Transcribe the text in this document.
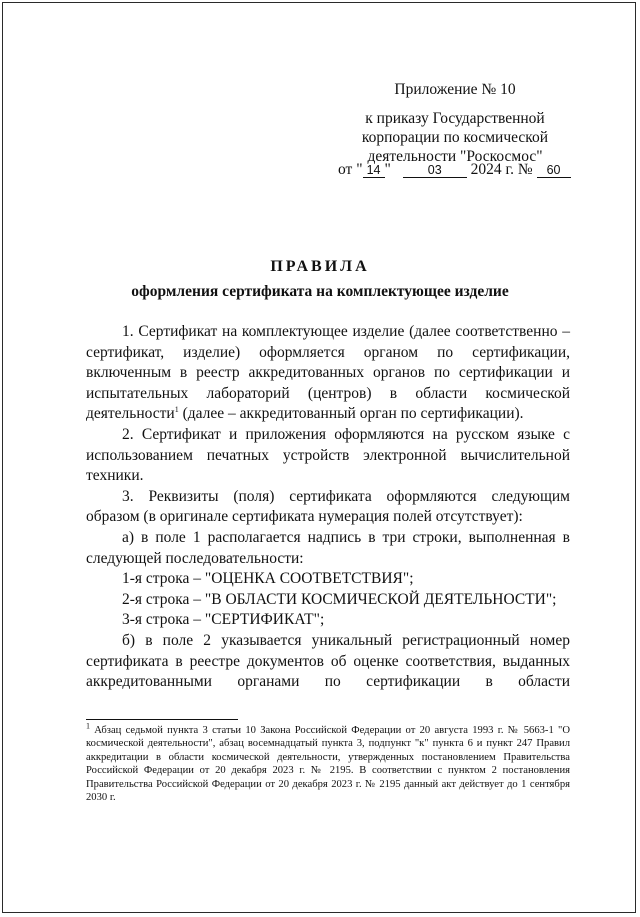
Приложение № 10
к приказу Государственной
корпорации по космической
деятельности "Роскосмос"
от " 14 "	03 2024 г. № 60
ПРАВИЛА
оформления сертификата на комплектующее изделие

1. Сертификат на комплектующее изделие (далее соответственно – сертификат, изделие) оформляется органом по сертификации, включенным в реестр аккредитованных органов по сертификации и испытательных лабораторий (центров) в области космической деятельности$^1$ (далее – аккредитованный орган по сертификации).

2. Сертификат и приложения оформляются на русском языке с использованием печатных устройств электронной вычислительной техники.

3. Реквизиты (поля) сертификата оформляются следующим образом (в оригинале сертификата нумерация полей отсутствует):

а) в поле 1 располагается надпись в три строки, выполненная в следующей последовательности:

1-я строка – "ОЦЕНКА СООТВЕТСТВИЯ";

2-я строка – "В ОБЛАСТИ КОСМИЧЕСКОЙ ДЕЯТЕЛЬНОСТИ";

3-я строка – "СЕРТИФИКАТ";

б) в поле 2 указывается уникальный регистрационный номер сертификата в реестре документов об оценке соответствия, выданных аккредитованными органами по сертификации в области

$^1$ Абзац седьмой пункта 3 статьи 10 Закона Российской Федерации от 20 августа 1993 г. № 5663-1 "О космической деятельности", абзац восемнадцатый пункта 3, подпункт "к" пункта 6 и пункт 247 Правил аккредитации в области космической деятельности, утвержденных постановлением Правительства Российской Федерации от 20 декабря 2023 г. № 2195. В соответствии с пунктом 2 постановления Правительства Российской Федерации от 20 декабря 2023 г. № 2195 данный акт действует до 1 сентября 2030 г.
